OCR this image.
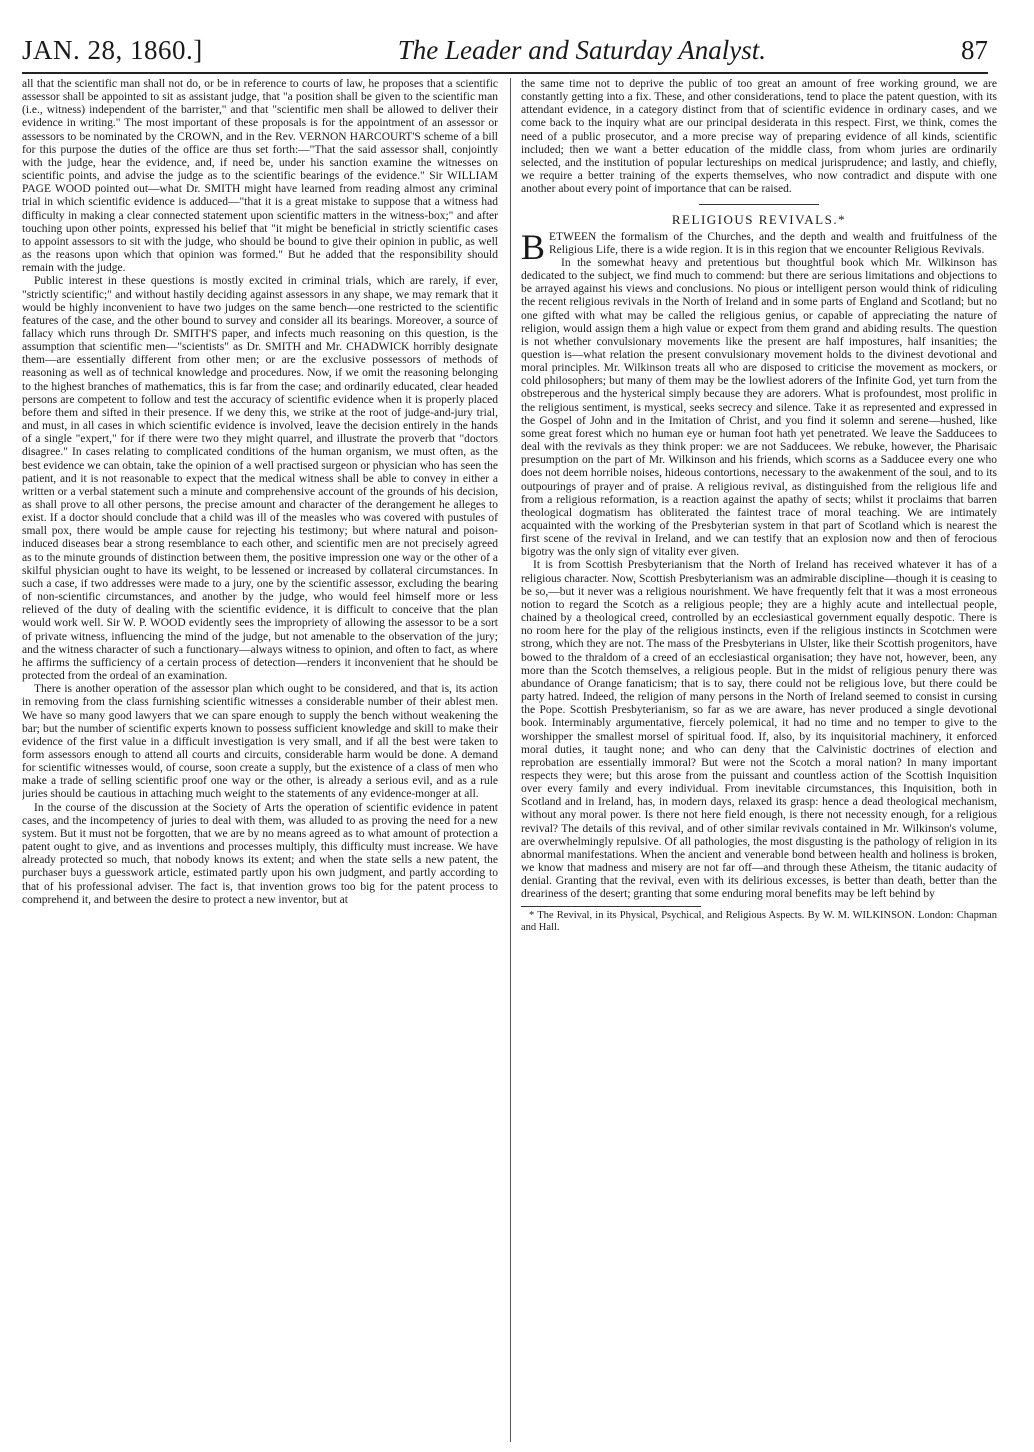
JAN. 28, 1860.]	The Leader and Saturday Analyst.	87

all that the scientific man shall not do, or be in reference to courts of law, he proposes that a scientific assessor shall be appointed to sit as assistant judge, that "a position shall be given to the scientific man (i.e., witness) independent of the barrister," and that "scientific men shall be allowed to deliver their evidence in writing." The most important of these proposals is for the appointment of an assessor or assessors to be nominated by the CROWN, and in the Rev. VERNON HARCOURT'S scheme of a bill for this purpose the duties of the office are thus set forth:—"That the said assessor shall, conjointly with the judge, hear the evidence, and, if need be, under his sanction examine the witnesses on scientific points, and advise the judge as to the scientific bearings of the evidence." Sir WILLIAM PAGE WOOD pointed out—what Dr. SMITH might have learned from reading almost any criminal trial in which scientific evidence is adduced—"that it is a great mistake to suppose that a witness had difficulty in making a clear connected statement upon scientific matters in the witness-box;" and after touching upon other points, expressed his belief that "it might be beneficial in strictly scientific cases to appoint assessors to sit with the judge, who should be bound to give their opinion in public, as well as the reasons upon which that opinion was formed." But he added that the responsibility should remain with the judge.

Public interest in these questions is mostly excited in criminal trials, which are rarely, if ever, "strictly scientific;" and without hastily deciding against assessors in any shape, we may remark that it would be highly inconvenient to have two judges on the same bench—one restricted to the scientific features of the case, and the other bound to survey and consider all its bearings. Moreover, a source of fallacy which runs through Dr. SMITH'S paper, and infects much reasoning on this question, is the assumption that scientific men—"scientists" as Dr. SMITH and Mr. CHADWICK horribly designate them—are essentially different from other men; or are the exclusive possessors of methods of reasoning as well as of technical knowledge and procedures. Now, if we omit the reasoning belonging to the highest branches of mathematics, this is far from the case; and ordinarily educated, clear headed persons are competent to follow and test the accuracy of scientific evidence when it is properly placed before them and sifted in their presence. If we deny this, we strike at the root of judge-and-jury trial, and must, in all cases in which scientific evidence is involved, leave the decision entirely in the hands of a single "expert," for if there were two they might quarrel, and illustrate the proverb that "doctors disagree." In cases relating to complicated conditions of the human organism, we must often, as the best evidence we can obtain, take the opinion of a well practised surgeon or physician who has seen the patient, and it is not reasonable to expect that the medical witness shall be able to convey in either a written or a verbal statement such a minute and comprehensive account of the grounds of his decision, as shall prove to all other persons, the precise amount and character of the derangement he alleges to exist. If a doctor should conclude that a child was ill of the measles who was covered with pustules of small pox, there would be ample cause for rejecting his testimony; but where natural and poison-induced diseases bear a strong resemblance to each other, and scientific men are not precisely agreed as to the minute grounds of distinction between them, the positive impression one way or the other of a skilful physician ought to have its weight, to be lessened or increased by collateral circumstances. In such a case, if two addresses were made to a jury, one by the scientific assessor, excluding the bearing of non-scientific circumstances, and another by the judge, who would feel himself more or less relieved of the duty of dealing with the scientific evidence, it is difficult to conceive that the plan would work well. Sir W. P. WOOD evidently sees the impropriety of allowing the assessor to be a sort of private witness, influencing the mind of the judge, but not amenable to the observation of the jury; and the witness character of such a functionary—always witness to opinion, and often to fact, as where he affirms the sufficiency of a certain process of detection—renders it inconvenient that he should be protected from the ordeal of an examination.

There is another operation of the assessor plan which ought to be considered, and that is, its action in removing from the class furnishing scientific witnesses a considerable number of their ablest men. We have so many good lawyers that we can spare enough to supply the bench without weakening the bar; but the number of scientific experts known to possess sufficient knowledge and skill to make their evidence of the first value in a difficult investigation is very small, and if all the best were taken to form assessors enough to attend all courts and circuits, considerable harm would be done. A demand for scientific witnesses would, of course, soon create a supply, but the existence of a class of men who make a trade of selling scientific proof one way or the other, is already a serious evil, and as a rule juries should be cautious in attaching much weight to the statements of any evidence-monger at all.

In the course of the discussion at the Society of Arts the operation of scientific evidence in patent cases, and the incompetency of juries to deal with them, was alluded to as proving the need for a new system. But it must not be forgotten, that we are by no means agreed as to what amount of protection a patent ought to give, and as inventions and processes multiply, this difficulty must increase. We have already protected so much, that nobody knows its extent; and when the state sells a new patent, the purchaser buys a guesswork article, estimated partly upon his own judgment, and partly according to that of his professional adviser. The fact is, that invention grows too big for the patent process to comprehend it, and between the desire to protect a new inventor, but at

the same time not to deprive the public of too great an amount of free working ground, we are constantly getting into a fix. These, and other considerations, tend to place the patent question, with its attendant evidence, in a category distinct from that of scientific evidence in ordinary cases, and we come back to the inquiry what are our principal desiderata in this respect. First, we think, comes the need of a public prosecutor, and a more precise way of preparing evidence of all kinds, scientific included; then we want a better education of the middle class, from whom juries are ordinarily selected, and the institution of popular lectureships on medical jurisprudence; and lastly, and chiefly, we require a better training of the experts themselves, who now contradict and dispute with one another about every point of importance that can be raised.

RELIGIOUS REVIVALS.*

BETWEEN the formalism of the Churches, and the depth and wealth and fruitfulness of the Religious Life, there is a wide region. It is in this region that we encounter Religious Revivals.

In the somewhat heavy and pretentious but thoughtful book which Mr. Wilkinson has dedicated to the subject, we find much to commend: but there are serious limitations and objections to be arrayed against his views and conclusions. No pious or intelligent person would think of ridiculing the recent religious revivals in the North of Ireland and in some parts of England and Scotland; but no one gifted with what may be called the religious genius, or capable of appreciating the nature of religion, would assign them a high value or expect from them grand and abiding results. The question is not whether convulsionary movements like the present are half impostures, half insanities; the question is—what relation the present convulsionary movement holds to the divinest devotional and moral principles. Mr. Wilkinson treats all who are disposed to criticise the movement as mockers, or cold philosophers; but many of them may be the lowliest adorers of the Infinite God, yet turn from the obstreperous and the hysterical simply because they are adorers. What is profoundest, most prolific in the religious sentiment, is mystical, seeks secrecy and silence. Take it as represented and expressed in the Gospel of John and in the Imitation of Christ, and you find it solemn and serene—hushed, like some great forest which no human eye or human foot hath yet penetrated. We leave the Sadducees to deal with the revivals as they think proper: we are not Sadducees. We rebuke, however, the Pharisaic presumption on the part of Mr. Wilkinson and his friends, which scorns as a Sadducee every one who does not deem horrible noises, hideous contortions, necessary to the awakenment of the soul, and to its outpourings of prayer and of praise. A religious revival, as distinguished from the religious life and from a religious reformation, is a reaction against the apathy of sects; whilst it proclaims that barren theological dogmatism has obliterated the faintest trace of moral teaching. We are intimately acquainted with the working of the Presbyterian system in that part of Scotland which is nearest the first scene of the revival in Ireland, and we can testify that an explosion now and then of ferocious bigotry was the only sign of vitality ever given.

It is from Scottish Presbyterianism that the North of Ireland has received whatever it has of a religious character. Now, Scottish Presbyterianism was an admirable discipline—though it is ceasing to be so,—but it never was a religious nourishment. We have frequently felt that it was a most erroneous notion to regard the Scotch as a religious people; they are a highly acute and intellectual people, chained by a theological creed, controlled by an ecclesiastical government equally despotic. There is no room here for the play of the religious instincts, even if the religious instincts in Scotchmen were strong, which they are not. The mass of the Presbyterians in Ulster, like their Scottish progenitors, have bowed to the thraldom of a creed of an ecclesiastical organisation; they have not, however, been, any more than the Scotch themselves, a religious people. But in the midst of religious penury there was abundance of Orange fanaticism; that is to say, there could not be religious love, but there could be party hatred. Indeed, the religion of many persons in the North of Ireland seemed to consist in cursing the Pope. Scottish Presbyterianism, so far as we are aware, has never produced a single devotional book. Interminably argumentative, fiercely polemical, it had no time and no temper to give to the worshipper the smallest morsel of spiritual food. If, also, by its inquisitorial machinery, it enforced moral duties, it taught none; and who can deny that the Calvinistic doctrines of election and reprobation are essentially immoral? But were not the Scotch a moral nation? In many important respects they were; but this arose from the puissant and countless action of the Scottish Inquisition over every family and every individual. From inevitable circumstances, this Inquisition, both in Scotland and in Ireland, has, in modern days, relaxed its grasp: hence a dead theological mechanism, without any moral power. Is there not here field enough, is there not necessity enough, for a religious revival? The details of this revival, and of other similar revivals contained in Mr. Wilkinson's volume, are overwhelmingly repulsive. Of all pathologies, the most disgusting is the pathology of religion in its abnormal manifestations. When the ancient and venerable bond between health and holiness is broken, we know that madness and misery are not far off—and through these Atheism, the titanic audacity of denial. Granting that the revival, even with its delirious excesses, is better than death, better than the dreariness of the desert; granting that some enduring moral benefits may be left behind by

* The Revival, in its Physical, Psychical, and Religious Aspects. By W. M. WILKINSON. London: Chapman and Hall.
